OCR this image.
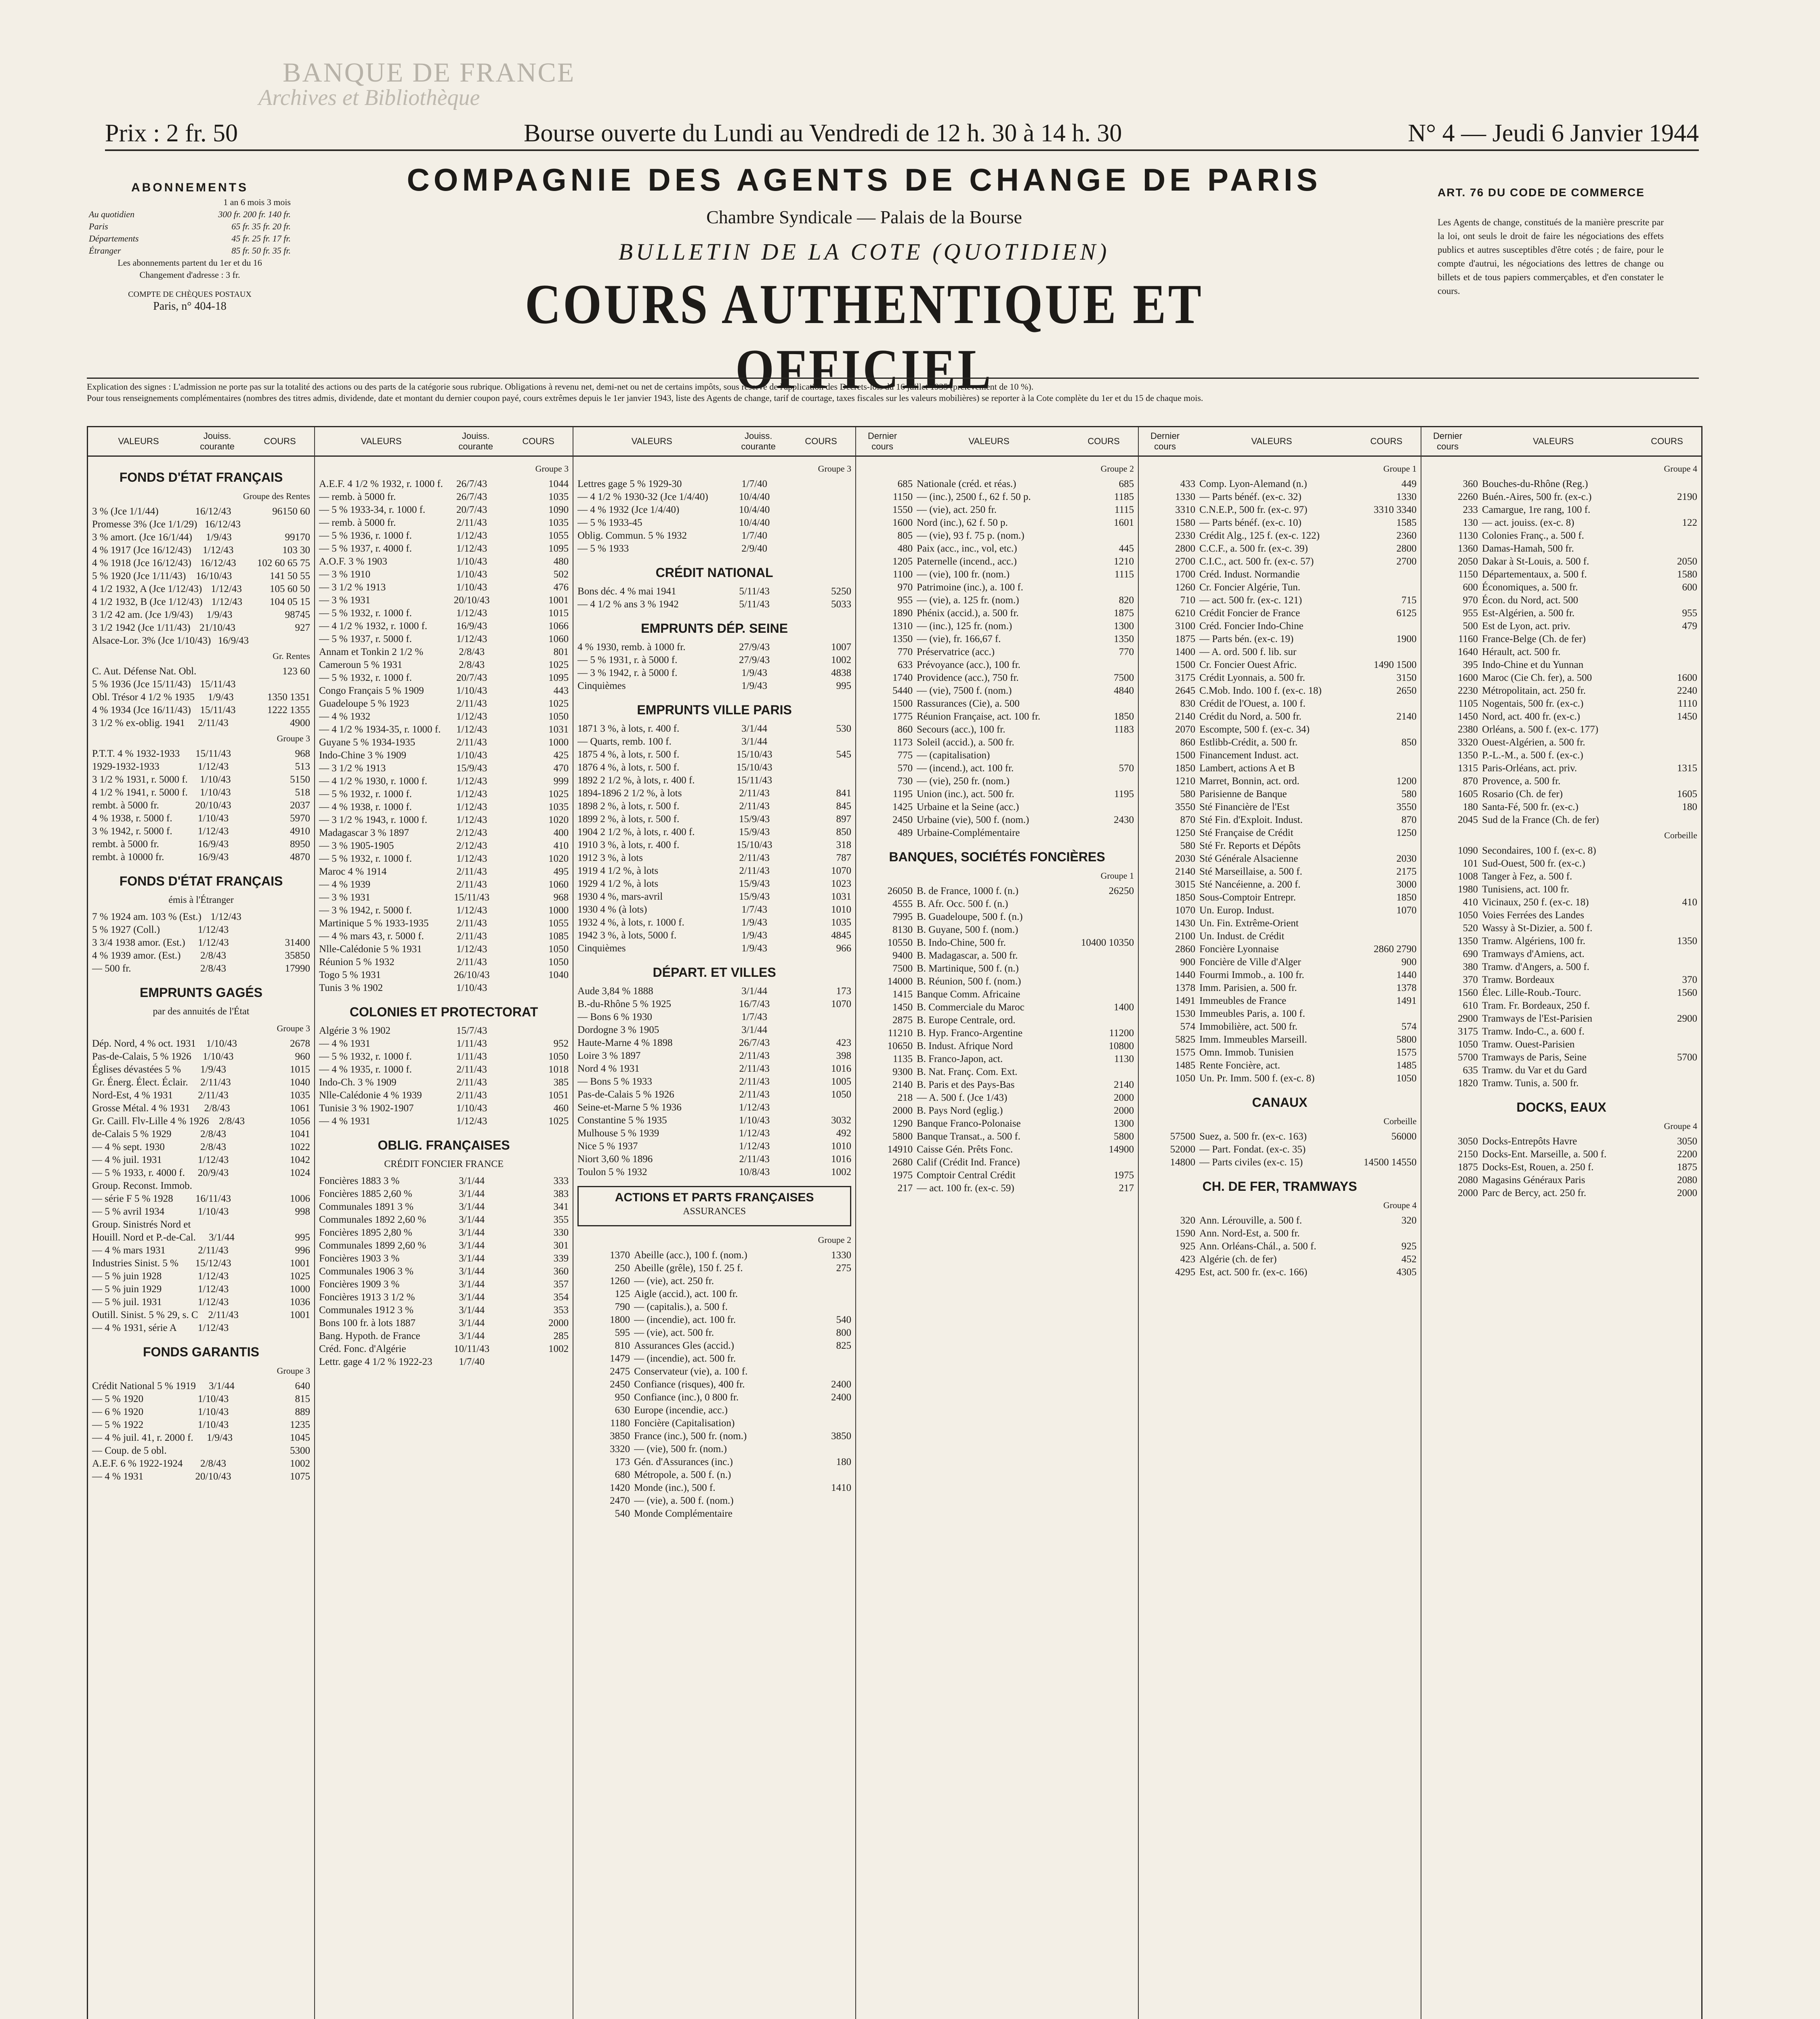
BANQUE DE FRANCE
Archives et Bibliothèque
Prix : 2 fr. 50	Bourse ouverte du Lundi au Vendredi de 12 h. 30 à 14 h. 30	N° 4 — Jeudi 6 Janvier 1944
ABONNEMENTS
1 an 6 mois 3 mois
Au quotidien	300 fr. 200 fr. 140 fr.
Paris	65 fr. 35 fr. 20 fr.
Départements	45 fr. 25 fr. 17 fr.
Étranger	85 fr. 50 fr. 35 fr.
Les abonnements partent du 1er et du 16
Changement d'adresse : 3 fr.
COMPTE DE CHÈQUES POSTAUX
Paris, n° 404-18
COMPAGNIE DES AGENTS DE CHANGE DE PARIS
Chambre Syndicale — Palais de la Bourse
BULLETIN DE LA COTE (QUOTIDIEN)
COURS AUTHENTIQUE ET OFFICIEL
ART. 76 DU CODE DE COMMERCE
Les Agents de change, constitués de la manière prescrite par la loi, ont seuls le droit de faire les négociations des effets publics et autres susceptibles d'être cotés ; de faire, pour le compte d'autrui, les négociations des lettres de change ou billets et de tous papiers commerçables, et d'en constater le cours.
Explication des signes : L'admission ne porte pas sur la totalité des actions ou des parts de la catégorie sous rubrique. Obligations à revenu net, demi-net ou net de certains impôts, sous réserve de l'application des Décrets-lois du 16 juillet 1935 (prélèvement de 10 %).
Pour tous renseignements complémentaires (nombres des titres admis, dividende, date et montant du dernier coupon payé, cours extrêmes depuis le 1er janvier 1943, liste des Agents de change, tarif de courtage, taxes fiscales sur les valeurs mobilières) se reporter à la Cote complète du 1er et du 15 de chaque mois.
VALEURS
Jouiss. courante
COURS
FONDS D'ÉTAT FRANÇAIS
Groupe des Rentes
3 % (Jce 1/1/44)	16/12/43	96150 60
Promesse 3% (Jce 1/1/29) 16/12/43
3 % amort. (Jce 16/1/44)	1/9/43	99170
4 % 1917 (Jce 16/12/43)	1/12/43	103 30
4 % 1918 (Jce 16/12/43) 16/12/43	102 60 65 75
5 % 1920 (Jce 1/11/43)	16/10/43	141 50 55
4 1/2 1932, A (Jce 1/12/43) 1/12/43	105 60 50
4 1/2 1932, B (Jce 1/12/43) 1/12/43	104 05 15
3 1/2 42 am. (Jce 1/9/43)	1/9/43	98745
3 1/2 1942 (Jce 1/11/43) 21/10/43	927
Alsace-Lor. 3% (Jce 1/10/43) 16/9/43
Gr. Rentes
C. Aut. Défense Nat. Obl.	123 60
5 % 1936 (Jce 15/11/43) 15/11/43
Obl. Trésor 4 1/2 % 1935	1/9/43	1350 1351
4 % 1934 (Jce 16/11/43) 15/11/43	1222 1355
3 1/2 % ex-oblig. 1941	2/11/43	4900
Groupe 3
P.T.T. 4 % 1932-1933	15/11/43	968
1929-1932-1933	1/12/43	513
3 1/2 % 1931, r. 5000 f.	1/10/43	5150
4 1/2 % 1941, r. 5000 f.	1/10/43	518
rembt. à 5000 fr.	20/10/43	2037
4 % 1938, r. 5000 f.	1/10/43	5970
3 % 1942, r. 5000 f.	1/12/43	4910
rembt. à 5000 fr.	16/9/43	8950
rembt. à 10000 fr.	16/9/43	4870
FONDS D'ÉTAT FRANÇAIS
émis à l'Étranger
7 % 1924 am. 103 % (Est.) 1/12/43
5 % 1927 (Coll.)	1/12/43
3 3/4 1938 amor. (Est.)	1/12/43	31400
4 % 1939 amor. (Est.)	2/8/43	35850
— 500 fr.	2/8/43	17990
EMPRUNTS GAGÉS
par des annuités de l'État
Groupe 3
Dép. Nord, 4 % oct. 1931	1/10/43	2678
Pas-de-Calais, 5 % 1926	1/10/43	960
Églises dévastées 5 %	1/9/43	1015
Gr. Énerg. Élect. Éclair.	2/11/43	1040
Nord-Est, 4 % 1931	2/11/43	1035
Grosse Métal. 4 % 1931	2/8/43	1061
Gr. Caill. Flv-Lille 4 % 1926 2/8/43	1056
de-Calais 5 % 1929	2/8/43	1041
— 4 % sept. 1930	2/8/43	1022
— 4 % juil. 1931	1/12/43	1042
— 5 % 1933, r. 4000 f.	20/9/43	1024
Group. Reconst. Immob.
— série F 5 % 1928	16/11/43	1006
— 5 % avril 1934	1/10/43	998
Group. Sinistrés Nord et
Houill. Nord et P.-de-Cal.	3/1/44	995
— 4 % mars 1931	2/11/43	996
Industries Sinist. 5 %	15/12/43	1001
— 5 % juin 1928	1/12/43	1025
— 5 % juin 1929	1/12/43	1000
— 5 % juil. 1931	1/12/43	1036
Outill. Sinist. 5 % 29, s. C 2/11/43	1001
— 4 % 1931, série A	1/12/43
FONDS GARANTIS
Groupe 3
Crédit National 5 % 1919	3/1/44	640
— 5 % 1920	1/10/43	815
— 6 % 1920	1/10/43	889
— 5 % 1922	1/10/43	1235
— 4 % juil. 41, r. 2000 f.	1/9/43	1045
— Coup. de 5 obl.	5300
A.E.F. 6 % 1922-1924	2/8/43	1002
— 4 % 1931	20/10/43	1075
VALEURS
Jouiss. courante
COURS
Groupe 3
A.E.F. 4 1/2 % 1932, r. 1000 f.	26/7/43	1044
— remb. à 5000 fr.	26/7/43	1035
— 5 % 1933-34, r. 1000 f.	20/7/43	1090
— remb. à 5000 fr.	2/11/43	1035
— 5 % 1936, r. 1000 f.	1/12/43	1055
— 5 % 1937, r. 4000 f.	1/12/43	1095
A.O.F. 3 % 1903	1/10/43	480
— 3 % 1910	1/10/43	502
— 3 1/2 % 1913	1/10/43	476
— 3 % 1931	20/10/43	1001
— 5 % 1932, r. 1000 f.	1/12/43	1015
— 4 1/2 % 1932, r. 1000 f.	16/9/43	1066
— 5 % 1937, r. 5000 f.	1/12/43	1060
Annam et Tonkin 2 1/2 %	2/8/43	801
Cameroun 5 % 1931	2/8/43	1025
— 5 % 1932, r. 1000 f.	20/7/43	1095
Congo Français 5 % 1909	1/10/43	443
Guadeloupe 5 % 1923	2/11/43	1025
— 4 % 1932	1/12/43	1050
— 4 1/2 % 1934-35, r. 1000 f.	1/12/43	1031
Guyane 5 % 1934-1935	2/11/43	1000
Indo-Chine 3 % 1909	1/10/43	425
— 3 1/2 % 1913	15/9/43	470
— 4 1/2 % 1930, r. 1000 f.	1/12/43	999
— 5 % 1932, r. 1000 f.	1/12/43	1025
— 4 % 1938, r. 1000 f.	1/12/43	1035
— 3 1/2 % 1943, r. 1000 f.	1/12/43	1020
Madagascar 3 % 1897	2/12/43	400
— 3 % 1905-1905	2/12/43	410
— 5 % 1932, r. 1000 f.	1/12/43	1020
Maroc 4 % 1914	2/11/43	495
— 4 % 1939	2/11/43	1060
— 3 % 1931	15/11/43	968
— 3 % 1942, r. 5000 f.	1/12/43	1000
Martinique 5 % 1933-1935	2/11/43	1055
— 4 % mars 43, r. 5000 f.	2/11/43	1085
Nlle-Calédonie 5 % 1931	1/12/43	1050
Réunion 5 % 1932	2/11/43	1050
Togo 5 % 1931	26/10/43	1040
Tunis 3 % 1902	1/10/43
COLONIES ET PROTECTORAT
Algérie 3 % 1902	15/7/43
— 4 % 1931	1/11/43	952
— 5 % 1932, r. 1000 f.	1/11/43	1050
— 4 % 1935, r. 1000 f.	2/11/43	1018
Indo-Ch. 3 % 1909	2/11/43	385
Nlle-Calédonie 4 % 1939	2/11/43	1051
Tunisie 3 % 1902-1907	1/10/43	460
— 4 % 1931	1/12/43	1025
OBLIG. FRANÇAISES
CRÉDIT FONCIER FRANCE
Foncières 1883 3 %	3/1/44	333
Foncières 1885 2,60 %	3/1/44	383
Communales 1891 3 %	3/1/44	341
Communales 1892 2,60 %	3/1/44	355
Foncières 1895 2,80 %	3/1/44	330
Communales 1899 2,60 %	3/1/44	301
Foncières 1903 3 %	3/1/44	339
Communales 1906 3 %	3/1/44	360
Foncières 1909 3 %	3/1/44	357
Foncières 1913 3 1/2 %	3/1/44	354
Communales 1912 3 %	3/1/44	353
Bons 100 fr. à lots 1887	3/1/44	2000
Bang. Hypoth. de France	3/1/44	285
Créd. Fonc. d'Algérie	10/11/43	1002
Lettr. gage 4 1/2 % 1922-23	1/7/40
VALEURS
Jouiss. courante
COURS
Groupe 3
Lettres gage 5 % 1929-30	1/7/40
— 4 1/2 % 1930-32 (Jce 1/4/40)	10/4/40
— 4 % 1932 (Jce 1/4/40)	10/4/40
— 5 % 1933-45	10/4/40
Oblig. Commun. 5 % 1932	1/7/40
— 5 % 1933	2/9/40
CRÉDIT NATIONAL
Bons déc. 4 % mai 1941	5/11/43	5250
— 4 1/2 % ans 3 % 1942	5/11/43	5033
EMPRUNTS DÉP. SEINE
4 % 1930, remb. à 1000 fr.	27/9/43	1007
— 5 % 1931, r. à 5000 f.	27/9/43	1002
— 3 % 1942, r. à 5000 f.	1/9/43	4838
Cinquièmes	1/9/43	995
EMPRUNTS VILLE PARIS
1871 3 %, à lots, r. 400 f.	3/1/44	530
— Quarts, remb. 100 f.	3/1/44
1875 4 %, à lots, r. 500 f.	15/10/43	545
1876 4 %, à lots, r. 500 f.	15/10/43
1892 2 1/2 %, à lots, r. 400 f.	15/11/43
1894-1896 2 1/2 %, à lots	2/11/43	841
1898 2 %, à lots, r. 500 f.	2/11/43	845
1899 2 %, à lots, r. 500 f.	15/9/43	897
1904 2 1/2 %, à lots, r. 400 f.	15/9/43	850
1910 3 %, à lots, r. 400 f.	15/10/43	318
1912 3 %, à lots	2/11/43	787
1919 4 1/2 %, à lots	2/11/43	1070
1929 4 1/2 %, à lots	15/9/43	1023
1930 4 %, mars-avril	15/9/43	1031
1930 4 % (à lots)	1/7/43	1010
1932 4 %, à lots, r. 1000 f.	1/9/43	1035
1942 3 %, à lots, 5000 f.	1/9/43	4845
Cinquièmes	1/9/43	966
DÉPART. ET VILLES
Aude 3,84 % 1888	3/1/44	173
B.-du-Rhône 5 % 1925	16/7/43	1070
— Bons 6 % 1930	1/7/43
Dordogne 3 % 1905	3/1/44
Haute-Marne 4 % 1898	26/7/43	423
Loire 3 % 1897	2/11/43	398
Nord 4 % 1931	2/11/43	1016
— Bons 5 % 1933	2/11/43	1005
Pas-de-Calais 5 % 1926	2/11/43	1050
Seine-et-Marne 5 % 1936	1/12/43
Constantine 5 % 1935	1/10/43	3032
Mulhouse 5 % 1939	1/12/43	492
Nice 5 % 1937	1/12/43	1010
Niort 3,60 % 1896	2/11/43	1016
Toulon 5 % 1932	10/8/43	1002
ACTIONS ET PARTS FRANÇAISES
ASSURANCES
Groupe 2
1370 Abeille (acc.), 100 f. (nom.)	1330
250 Abeille (grêle), 150 f. 25 f.	275
1260 — (vie), act. 250 fr.
125 Aigle (accid.), act. 100 fr.
790 — (capitalis.), a. 500 f.
1800 — (incendie), act. 100 fr.	540
595 — (vie), act. 500 fr.	800
810 Assurances Gles (accid.)	825
1479 — (incendie), act. 500 fr.
2475 Conservateur (vie), a. 100 f.
2450 Confiance (risques), 400 fr.	2400
950 Confiance (inc.), 0 800 fr.	2400
630 Europe (incendie, acc.)
1180 Foncière (Capitalisation)
3850 France (inc.), 500 fr. (nom.)	3850
3320 — (vie), 500 fr. (nom.)
173 Gén. d'Assurances (inc.)	180
680 Métropole, a. 500 f. (n.)
1420 Monde (inc.), 500 f.	1410
2470 — (vie), a. 500 f. (nom.)
540 Monde Complémentaire
Dernier cours
VALEURS	COURS
Groupe 2
685 Nationale (créd. et réas.)	685
1150 — (inc.), 2500 f., 62 f. 50 p.	1185
1550 — (vie), act. 250 fr.	1115
1600 Nord (inc.), 62 f. 50 p.	1601
805 — (vie), 93 f. 75 p. (nom.)
480 Paix (acc., inc., vol, etc.)	445
1205 Paternelle (incend., acc.)	1210
1100 — (vie), 100 fr. (nom.)	1115
970 Patrimoine (inc.), a. 100 f.
955 — (vie), a. 125 fr. (nom.)	820
1890 Phénix (accid.), a. 500 fr.	1875
1310 — (inc.), 125 fr. (nom.)	1300
1350 — (vie), fr. 166,67 f.	1350
770 Préservatrice (acc.)	770
633 Prévoyance (acc.), 100 fr.
1740 Providence (acc.), 750 fr.	7500
5440 — (vie), 7500 f. (nom.)	4840
1500 Rassurances (Cie), a. 500
1775 Réunion Française, act. 100 fr.	1850
860 Secours (acc.), 100 fr.	1183
1173 Soleil (accid.), a. 500 fr.
775 — (capitalisation)
570 — (incend.), act. 100 fr.	570
730 — (vie), 250 fr. (nom.)
1195 Union (inc.), act. 500 fr.	1195
1425 Urbaine et la Seine (acc.)
2450 Urbaine (vie), 500 f. (nom.)	2430
489 Urbaine-Complémentaire
BANQUES, SOCIÉTÉS FONCIÈRES
Groupe 1
26050 B. de France, 1000 f. (n.)	26250
4555 B. Afr. Occ. 500 f. (n.)
7995 B. Guadeloupe, 500 f. (n.)
8130 B. Guyane, 500 f. (nom.)
10550 B. Indo-Chine, 500 fr.	10400 10350
9400 B. Madagascar, a. 500 fr.
7500 B. Martinique, 500 f. (n.)
14000 B. Réunion, 500 f. (nom.)
1415 Banque Comm. Africaine
1450 B. Commerciale du Maroc	1400
2875 B. Europe Centrale, ord.
11210 B. Hyp. Franco-Argentine	11200
10650 B. Indust. Afrique Nord	10800
1135 B. Franco-Japon, act.	1130
9300 B. Nat. Franç. Com. Ext.
2140 B. Paris et des Pays-Bas	2140
218 — A. 500 f. (Jce 1/43)	2000
2000 B. Pays Nord (eglig.)	2000
1290 Banque Franco-Polonaise	1300
5800 Banque Transat., a. 500 f.	5800
14910 Caisse Gén. Prêts Fonc.	14900
2680 Calif (Crédit Ind. France)
1975 Comptoir Central Crédit	1975
217 — act. 100 fr. (ex-c. 59)	217
Dernier cours
VALEURS	COURS
Groupe 1
433 Comp. Lyon-Alemand (n.)	449
1330 — Parts bénéf. (ex-c. 32)	1330
3310 C.N.E.P., 500 fr. (ex-c. 97)	3310 3340
1580 — Parts bénéf. (ex-c. 10)	1585
2330 Crédit Alg., 125 f. (ex-c. 122)	2360
2800 C.C.F., a. 500 fr. (ex-c. 39)	2800
2700 C.I.C., act. 500 fr. (ex-c. 57)	2700
1700 Créd. Indust. Normandie
1260 Cr. Foncier Algérie, Tun.
710 — act. 500 fr. (ex-c. 121)	715
6210 Crédit Foncier de France	6125
3100 Créd. Foncier Indo-Chine
1875 — Parts bén. (ex-c. 19)	1900
1400 — A. ord. 500 f. lib. sur
1500 Cr. Foncier Ouest Afric.	1490 1500
3175 Crédit Lyonnais, a. 500 fr.	3150
2645 C.Mob. Indo. 100 f. (ex-c. 18)	2650
830 Crédit de l'Ouest, a. 100 f.
2140 Crédit du Nord, a. 500 fr.	2140
2070 Escompte, 500 f. (ex-c. 34)
860 Estlibb-Crédit, a. 500 fr.	850
1500 Financement Indust. act.
1850 Lambert, actions A et B
1210 Marret, Bonnin, act. ord.	1200
580 Parisienne de Banque	580
3550 Sté Financière de l'Est	3550
870 Sté Fin. d'Exploit. Indust.	870
1250 Sté Française de Crédit	1250
580 Sté Fr. Reports et Dépôts
2030 Sté Générale Alsacienne	2030
2140 Sté Marseillaise, a. 500 f.	2175
3015 Sté Nancéienne, a. 200 f.	3000
1850 Sous-Comptoir Entrepr.	1850
1070 Un. Europ. Indust.	1070
1430 Un. Fin. Extrême-Orient
2100 Un. Indust. de Crédit
2860 Foncière Lyonnaise	2860 2790
900 Foncière de Ville d'Alger	900
1440 Fourmi Immob., a. 100 fr.	1440
1378 Imm. Parisien, a. 500 fr.	1378
1491 Immeubles de France	1491
1530 Immeubles Paris, a. 100 f.
574 Immobilière, act. 500 fr.	574
5825 Imm. Immeubles Marseill.	5800
1575 Omn. Immob. Tunisien	1575
1485 Rente Foncière, act.	1485
1050 Un. Pr. Imm. 500 f. (ex-c. 8)	1050
CANAUX
Corbeille
57500 Suez, a. 500 fr. (ex-c. 163)	56000
52000 — Part. Fondat. (ex-c. 35)
14800 — Parts civiles (ex-c. 15)	14500 14550
CH. DE FER, TRAMWAYS
Groupe 4
320 Ann. Lérouville, a. 500 f.	320
1590 Ann. Nord-Est, a. 500 fr.
925 Ann. Orléans-Chál., a. 500 f.	925
423 Algérie (ch. de fer)	452
4295 Est, act. 500 fr. (ex-c. 166)	4305
Dernier cours
VALEURS	COURS
Groupe 4
360 Bouches-du-Rhône (Reg.)
2260 Buén.-Aires, 500 fr. (ex-c.)	2190
233 Camargue, 1re rang, 100 f.
130 — act. jouiss. (ex-c. 8)	122
1130 Colonies Franç., a. 500 f.
1360 Damas-Hamah, 500 fr.
2050 Dakar à St-Louis, a. 500 f.	2050
1150 Départementaux, a. 500 f.	1580
600 Économiques, a. 500 fr.	600
970 Écon. du Nord, act. 500
955 Est-Algérien, a. 500 fr.	955
500 Est de Lyon, act. priv.	479
1160 France-Belge (Ch. de fer)
1640 Hérault, act. 500 fr.
395 Indo-Chine et du Yunnan
1600 Maroc (Cie Ch. fer), a. 500	1600
2230 Métropolitain, act. 250 fr.	2240
1105 Nogentais, 500 fr. (ex-c.)	1110
1450 Nord, act. 400 fr. (ex-c.)	1450
2380 Orléans, a. 500 f. (ex-c. 177)
3320 Ouest-Algérien, a. 500 fr.
1350 P.-L.-M., a. 500 f. (ex-c.)
1315 Paris-Orléans, act. priv.	1315
870 Provence, a. 500 fr.
1605 Rosario (Ch. de fer)	1605
180 Santa-Fé, 500 fr. (ex-c.)	180
2045 Sud de la France (Ch. de fer)
Corbeille
1090 Secondaires, 100 f. (ex-c. 8)
101 Sud-Ouest, 500 fr. (ex-c.)
1008 Tanger à Fez, a. 500 f.
1980 Tunisiens, act. 100 fr.
410 Vicinaux, 250 f. (ex-c. 18)	410
1050 Voies Ferrées des Landes
520 Wassy à St-Dizier, a. 500 f.
1350 Tramw. Algériens, 100 fr.	1350
690 Tramways d'Amiens, act.
380 Tramw. d'Angers, a. 500 f.
370 Tramw. Bordeaux	370
1560 Élec. Lille-Roub.-Tourc.	1560
610 Tram. Fr. Bordeaux, 250 f.
2900 Tramways de l'Est-Parisien	2900
3175 Tramw. Indo-C., a. 600 f.
1050 Tramw. Ouest-Parisien
5700 Tramways de Paris, Seine	5700
635 Tramw. du Var et du Gard
1820 Tramw. Tunis, a. 500 fr.
DOCKS, EAUX
Groupe 4
3050 Docks-Entrepôts Havre	3050
2150 Docks-Ent. Marseille, a. 500 f.	2200
1875 Docks-Est, Rouen, a. 250 f.	1875
2080 Magasins Généraux Paris	2080
2000 Parc de Bercy, act. 250 fr.	2000
